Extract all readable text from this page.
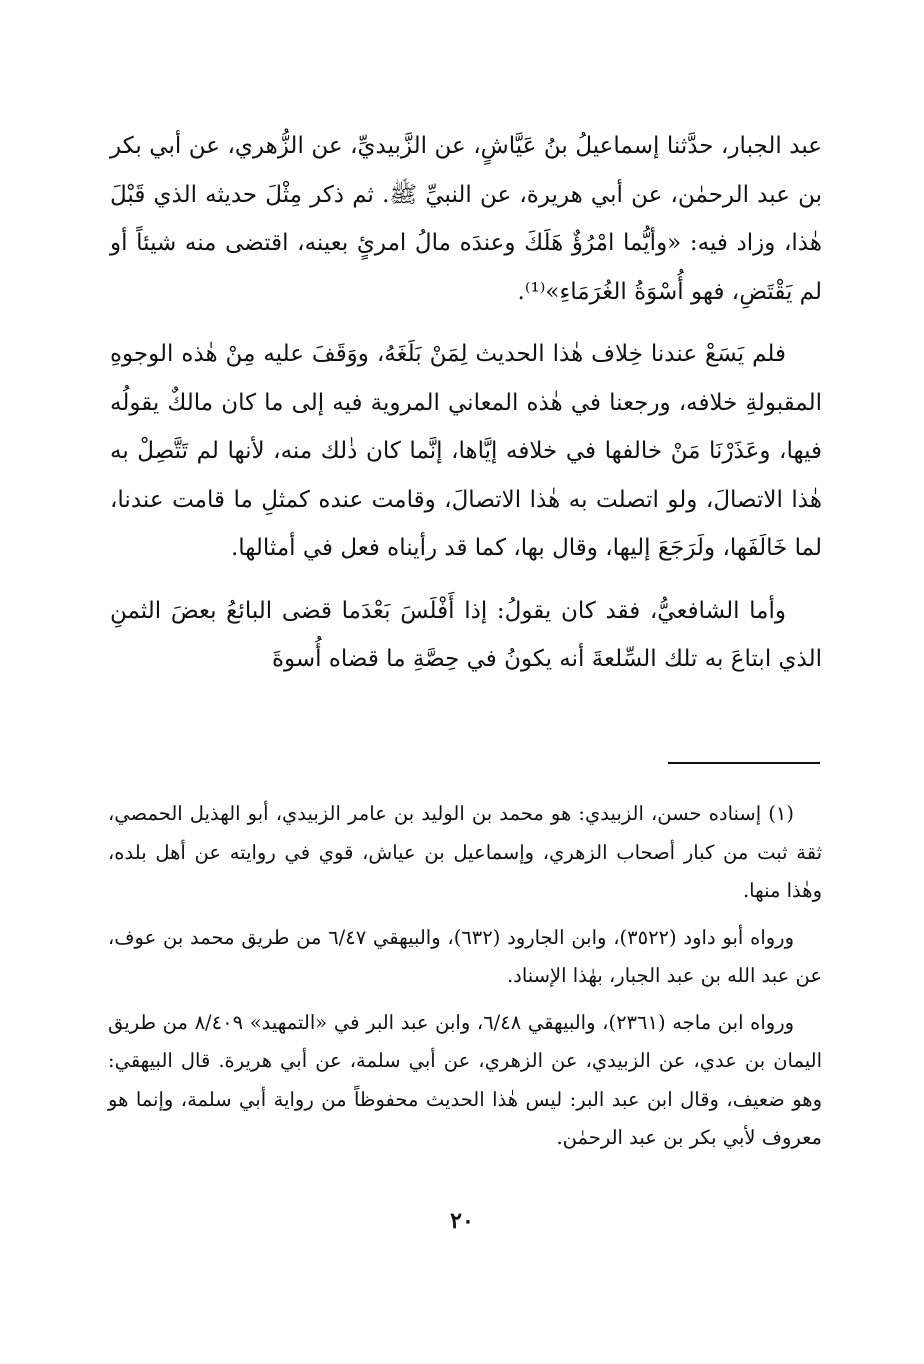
عبد الجبار، حدَّثنا إسماعيلُ بنُ عَيَّاشٍ، عن الزَّبيديِّ، عن الزُّهري، عن أبي بكر بن عبد الرحمٰن، عن أبي هريرة، عن النبيِّ ﷺ. ثم ذكر مِثْلَ حديثه الذي قَبْلَ هٰذا، وزاد فيه: «وأيُّما امْرُؤٌ هَلَكَ وعندَه مالُ امرئٍ بعينه، اقتضى منه شيئاً أو لم يَقْتَضِ، فهو أُسْوَةُ الغُرَمَاءِ»⁽¹⁾.

فلم يَسَعْ عندنا خِلاف هٰذا الحديث لِمَنْ بَلَغَهُ، ووَقَفَ عليه مِنْ هٰذه الوجوهِ المقبولةِ خلافه، ورجعنا في هٰذه المعاني المروية فيه إلى ما كان مالكٌ يقولُه فيها، وعَذَرْنَا مَنْ خالفها في خلافه إيَّاها، إنَّما كان ذٰلك منه، لأنها لم تَتَّصِلْ به هٰذا الاتصالَ، ولو اتصلت به هٰذا الاتصالَ، وقامت عنده كمثلِ ما قامت عندنا، لما خَالَفَها، ولَرَجَعَ إليها، وقال بها، كما قد رأيناه فعل في أمثالها.

وأما الشافعيُّ، فقد كان يقولُ: إذا أَفْلَسَ بَعْدَما قضى البائعُ بعضَ الثمنِ الذي ابتاعَ به تلك السِّلعةَ أنه يكونُ في حِصَّةِ ما قضاه أُسوةَ

(١) إسناده حسن، الزبيدي: هو محمد بن الوليد بن عامر الزبيدي، أبو الهذيل الحمصي، ثقة ثبت من كبار أصحاب الزهري، وإسماعيل بن عياش، قوي في روايته عن أهل بلده، وهٰذا منها.

ورواه أبو داود (٣٥٢٢)، وابن الجارود (٦٣٢)، والبيهقي ٦/٤٧ من طريق محمد بن عوف، عن عبد الله بن عبد الجبار، بهٰذا الإسناد.

ورواه ابن ماجه (٢٣٦١)، والبيهقي ٦/٤٨، وابن عبد البر في «التمهيد» ٨/٤٠٩ من طريق اليمان بن عدي، عن الزبيدي، عن الزهري، عن أبي سلمة، عن أبي هريرة. قال البيهقي: وهو ضعيف، وقال ابن عبد البر: ليس هٰذا الحديث محفوظاً من رواية أبي سلمة، وإنما هو معروف لأبي بكر بن عبد الرحمٰن.

٢٠
